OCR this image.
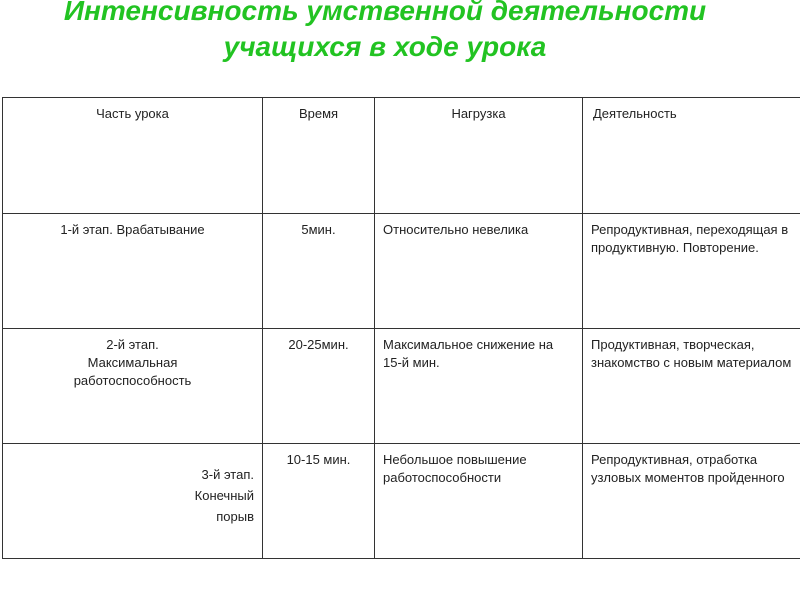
Интенсивность умственной деятельности
учащихся в ходе урока
Часть урока	Время	Нагрузка	Деятельность

1-й этап. Врабатывание	5мин.	Относительно невелика	Репродуктивная, переходящая в продуктивную. Повторение.

2-й этап.
Максимальная работоспособность	20-25мин.	Максимальное снижение на 15-й мин.	Продуктивная, творческая, знакомство с новым материалом

3-й этап.
Конечный
порыв	10-15 мин.	Небольшое повышение работоспособности	Репродуктивная, отработка узловых моментов пройденного
